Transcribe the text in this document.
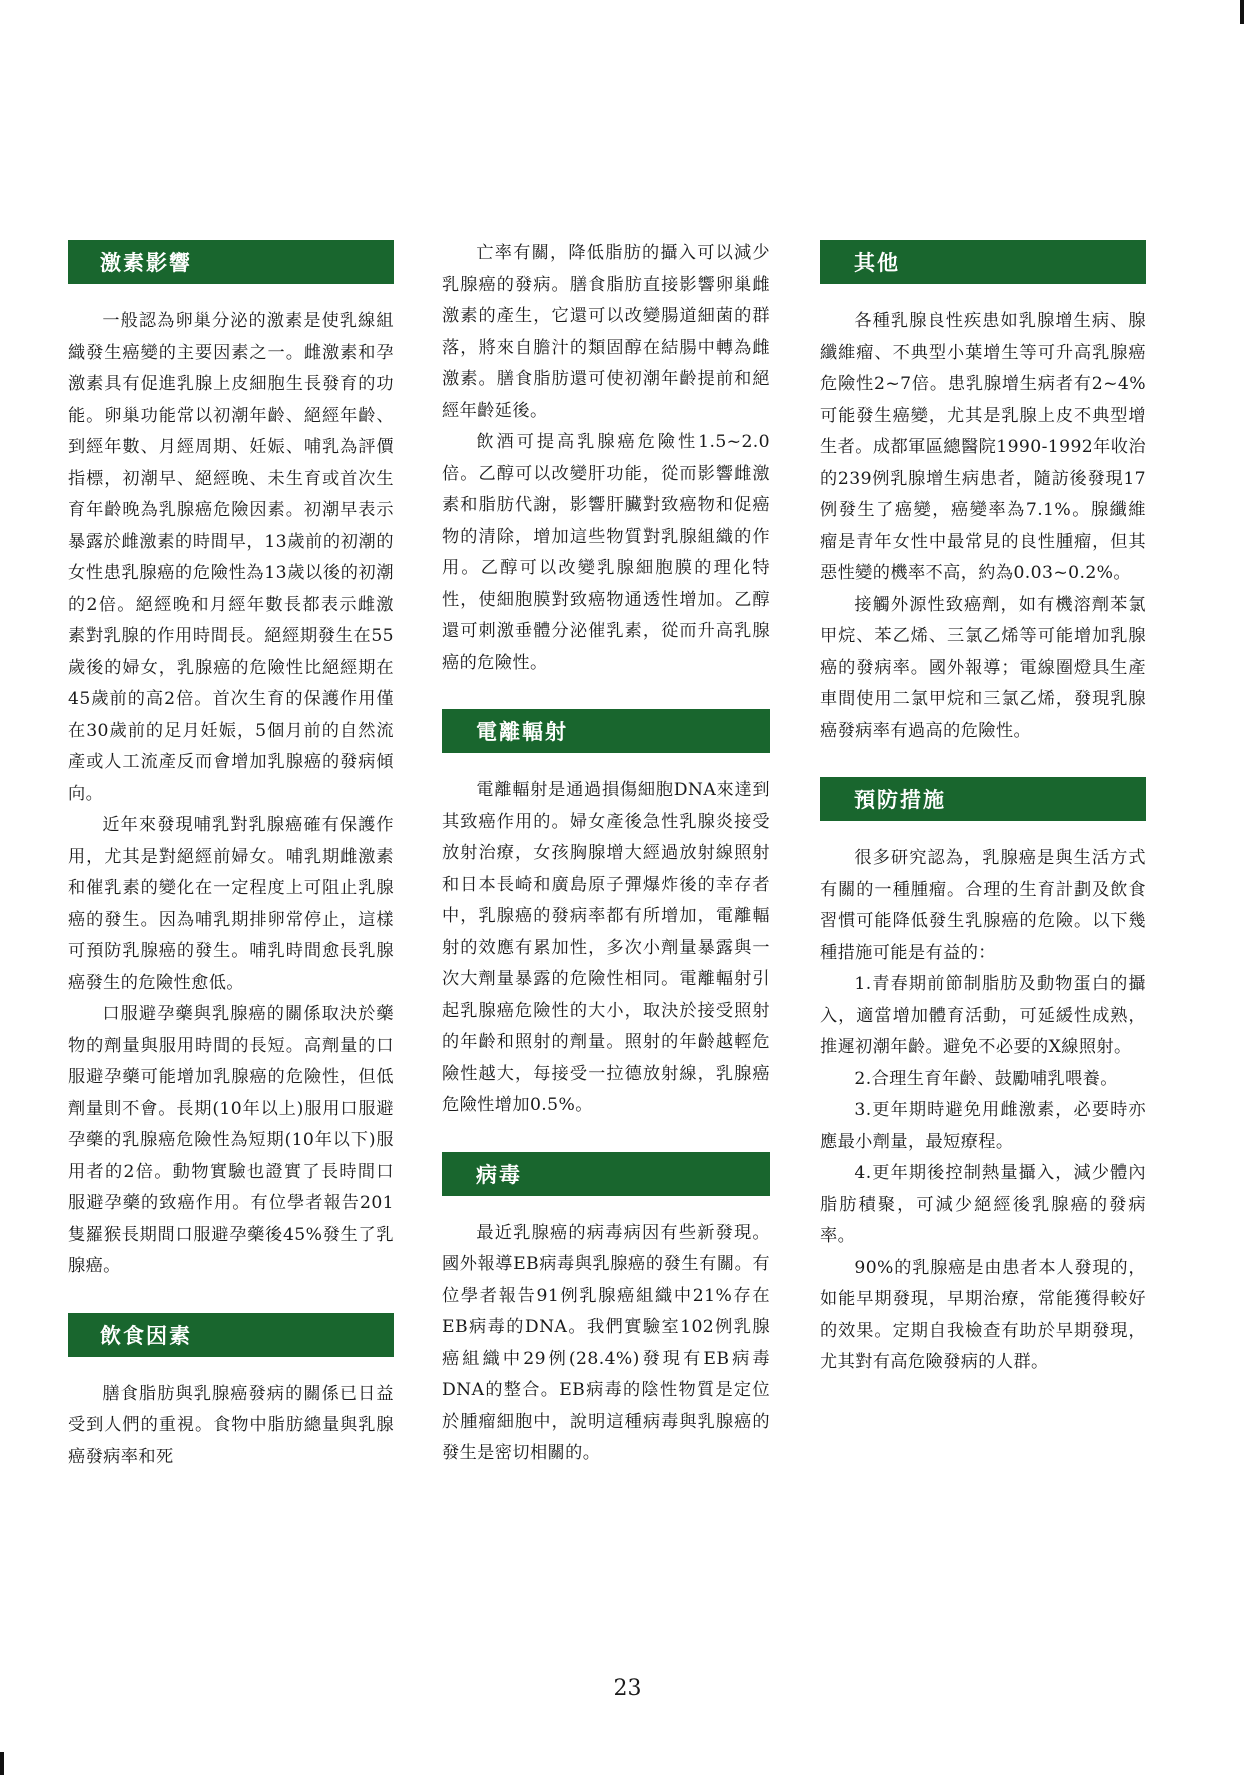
激素影響

一般認為卵巢分泌的激素是使乳線組織發生癌變的主要因素之一。雌激素和孕激素具有促進乳腺上皮細胞生長發育的功能。卵巢功能常以初潮年齡、絕經年齡、到經年數、月經周期、妊娠、哺乳為評價指標，初潮早、絕經晚、未生育或首次生育年齡晚為乳腺癌危險因素。初潮早表示暴露於雌激素的時間早，13歲前的初潮的女性患乳腺癌的危險性為13歲以後的初潮的2倍。絕經晚和月經年數長都表示雌激素對乳腺的作用時間長。絕經期發生在55歲後的婦女，乳腺癌的危險性比絕經期在45歲前的高2倍。首次生育的保護作用僅在30歲前的足月妊娠，5個月前的自然流產或人工流產反而會增加乳腺癌的發病傾向。

近年來發現哺乳對乳腺癌確有保護作用，尤其是對絕經前婦女。哺乳期雌激素和催乳素的變化在一定程度上可阻止乳腺癌的發生。因為哺乳期排卵常停止，這樣可預防乳腺癌的發生。哺乳時間愈長乳腺癌發生的危險性愈低。

口服避孕藥與乳腺癌的關係取決於藥物的劑量與服用時間的長短。高劑量的口服避孕藥可能增加乳腺癌的危險性，但低劑量則不會。長期(10年以上)服用口服避孕藥的乳腺癌危險性為短期(10年以下)服用者的2倍。動物實驗也證實了長時間口服避孕藥的致癌作用。有位學者報告201隻羅猴長期間口服避孕藥後45%發生了乳腺癌。

飲食因素

膳食脂肪與乳腺癌發病的關係已日益受到人們的重視。食物中脂肪總量與乳腺癌發病率和死

亡率有關，降低脂肪的攝入可以減少乳腺癌的發病。膳食脂肪直接影響卵巢雌激素的產生，它還可以改變腸道細菌的群落，將來自膽汁的類固醇在結腸中轉為雌激素。膳食脂肪還可使初潮年齡提前和絕經年齡延後。

飲酒可提高乳腺癌危險性1.5~2.0倍。乙醇可以改變肝功能，從而影響雌激素和脂肪代謝，影響肝臟對致癌物和促癌物的清除，增加這些物質對乳腺組織的作用。乙醇可以改變乳腺細胞膜的理化特性，使細胞膜對致癌物通透性增加。乙醇還可刺激垂體分泌催乳素，從而升高乳腺癌的危險性。

電離輻射

電離輻射是通過損傷細胞DNA來達到其致癌作用的。婦女產後急性乳腺炎接受放射治療，女孩胸腺增大經過放射線照射和日本長崎和廣島原子彈爆炸後的幸存者中，乳腺癌的發病率都有所增加，電離輻射的效應有累加性，多次小劑量暴露與一次大劑量暴露的危險性相同。電離輻射引起乳腺癌危險性的大小，取決於接受照射的年齡和照射的劑量。照射的年齡越輕危險性越大，每接受一拉德放射線，乳腺癌危險性增加0.5%。

病毒

最近乳腺癌的病毒病因有些新發現。國外報導EB病毒與乳腺癌的發生有關。有位學者報告91例乳腺癌組織中21%存在EB病毒的DNA。我們實驗室102例乳腺癌組織中29例(28.4%)發現有EB病毒DNA的整合。EB病毒的陰性物質是定位於腫瘤細胞中，說明這種病毒與乳腺癌的發生是密切相關的。

其他

各種乳腺良性疾患如乳腺增生病、腺纖維瘤、不典型小葉增生等可升高乳腺癌危險性2~7倍。患乳腺增生病者有2~4%可能發生癌變，尤其是乳腺上皮不典型增生者。成都軍區總醫院1990-1992年收治的239例乳腺增生病患者，隨訪後發現17例發生了癌變，癌變率為7.1%。腺纖維瘤是青年女性中最常見的良性腫瘤，但其惡性變的機率不高，約為0.03~0.2%。

接觸外源性致癌劑，如有機溶劑苯氯甲烷、苯乙烯、三氯乙烯等可能增加乳腺癌的發病率。國外報導；電線圈燈具生產車間使用二氯甲烷和三氯乙烯，發現乳腺癌發病率有過高的危險性。

預防措施

很多研究認為，乳腺癌是與生活方式有關的一種腫瘤。合理的生育計劃及飲食習慣可能降低發生乳腺癌的危險。以下幾種措施可能是有益的：

1.青春期前節制脂肪及動物蛋白的攝入，適當增加體育活動，可延緩性成熟，推遲初潮年齡。避免不必要的X線照射。

2.合理生育年齡、鼓勵哺乳喂養。

3.更年期時避免用雌激素，必要時亦應最小劑量，最短療程。

4.更年期後控制熱量攝入，減少體內脂肪積聚，可減少絕經後乳腺癌的發病率。

90%的乳腺癌是由患者本人發現的，如能早期發現，早期治療，常能獲得較好的效果。定期自我檢查有助於早期發現，尤其對有高危險發病的人群。

23
